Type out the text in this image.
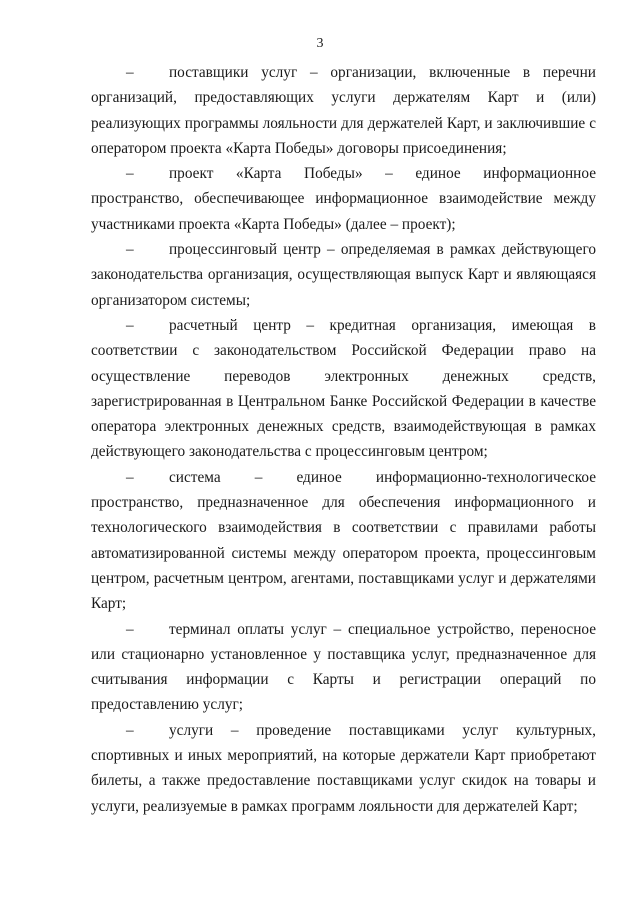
3

– поставщики услуг – организации, включенные в перечни организаций, предоставляющих услуги держателям Карт и (или) реализующих программы лояльности для держателей Карт, и заключившие с оператором проекта «Карта Победы» договоры присоединения;

– проект «Карта Победы» – единое информационное пространство, обеспечивающее информационное взаимодействие между участниками проекта «Карта Победы» (далее – проект);

– процессинговый центр – определяемая в рамках действующего законодательства организация, осуществляющая выпуск Карт и являющаяся организатором системы;

– расчетный центр – кредитная организация, имеющая в соответствии с законодательством Российской Федерации право на осуществление переводов электронных денежных средств, зарегистрированная в Центральном Банке Российской Федерации в качестве оператора электронных денежных средств, взаимодействующая в рамках действующего законодательства с процессинговым центром;

– система – единое информационно-технологическое пространство, предназначенное для обеспечения информационного и технологического взаимодействия в соответствии с правилами работы автоматизированной системы между оператором проекта, процессинговым центром, расчетным центром, агентами, поставщиками услуг и держателями Карт;

– терминал оплаты услуг – специальное устройство, переносное или стационарно установленное у поставщика услуг, предназначенное для считывания информации с Карты и регистрации операций по предоставлению услуг;

– услуги – проведение поставщиками услуг культурных, спортивных и иных мероприятий, на которые держатели Карт приобретают билеты, а также предоставление поставщиками услуг скидок на товары и услуги, реализуемые в рамках программ лояльности для держателей Карт;
